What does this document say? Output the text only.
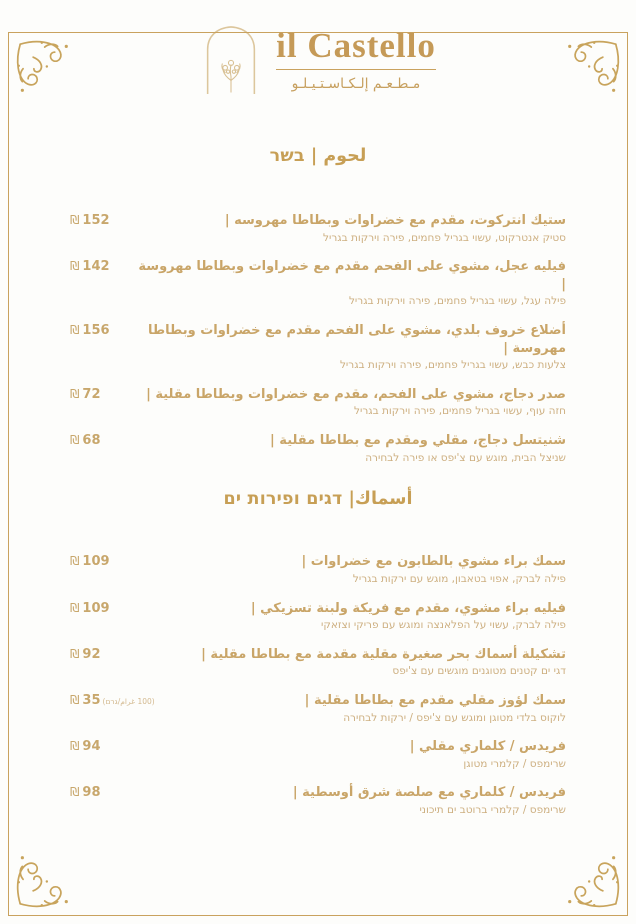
il Castello
مـطـعـم إلـكـاسـتـيـلـو
لحوم | בשר
ستيك انتركوت، مقدم مع خضراوات وبطاطا مهروسه |
סטיק אנטרקוט, עשוי בגריל פחמים, פירה וירקות בגריל
₪ 152
فيليه عجل، مشوي على الفحم مقدم مع خضراوات وبطاطا مهروسة |
פילה עגל, עשוי בגריל פחמים, פירה וירקות בגריל
₪ 142
أضلاع خروف بلدي، مشوي على الفحم مقدم مع خضراوات وبطاطا مهروسة |
צלעות כבש, עשוי בגריל פחמים, פירה וירקות בגריל
₪ 156
صدر دجاج، مشوي على الفحم، مقدم مع خضراوات وبطاطا مقلية |
חזה עוף, עשוי בגריל פחמים, פירה וירקות בגריל
₪ 72
شنيتسل دجاج، مقلي ومقدم مع بطاطا مقلية |
שניצל הבית, מוגש עם צ'יפס או פירה לבחירה
₪ 68
أسماك| דגים ופירות ים
سمك براء مشوي بالطابون مع خضراوات |
פילה לברק, אפוי בטאבון, מוגש עם ירקות בגריל
₪ 109
فيليه براء مشوي، مقدم مع فريكة ولبنة تسزيكي |
פילה לברק, עשוי על הפלאנצה ומוגש עם פריקי וצזאקי
₪ 109
تشكيلة أسماك بحر صغيرة مقلية مقدمة مع بطاطا مقلية |
דגי ים קטנים מטוגנים מוגשים עם צ'יפס
₪ 92
سمك لؤوز مقلي مقدم مع بطاطا مقلية |
לוקוס בלדי מטוגן ומוגש עם צ'יפס / ירקות לבחירה
₪ 35 (100 غرام/גרם)
فريدس / كلماري مقلي |
שרימפס / קלמרי מטוגן
₪ 94
فريدس / كلماري مع صلصة شرق أوسطية |
שרימפס / קלמרי ברוטב ים תיכוני
₪ 98
